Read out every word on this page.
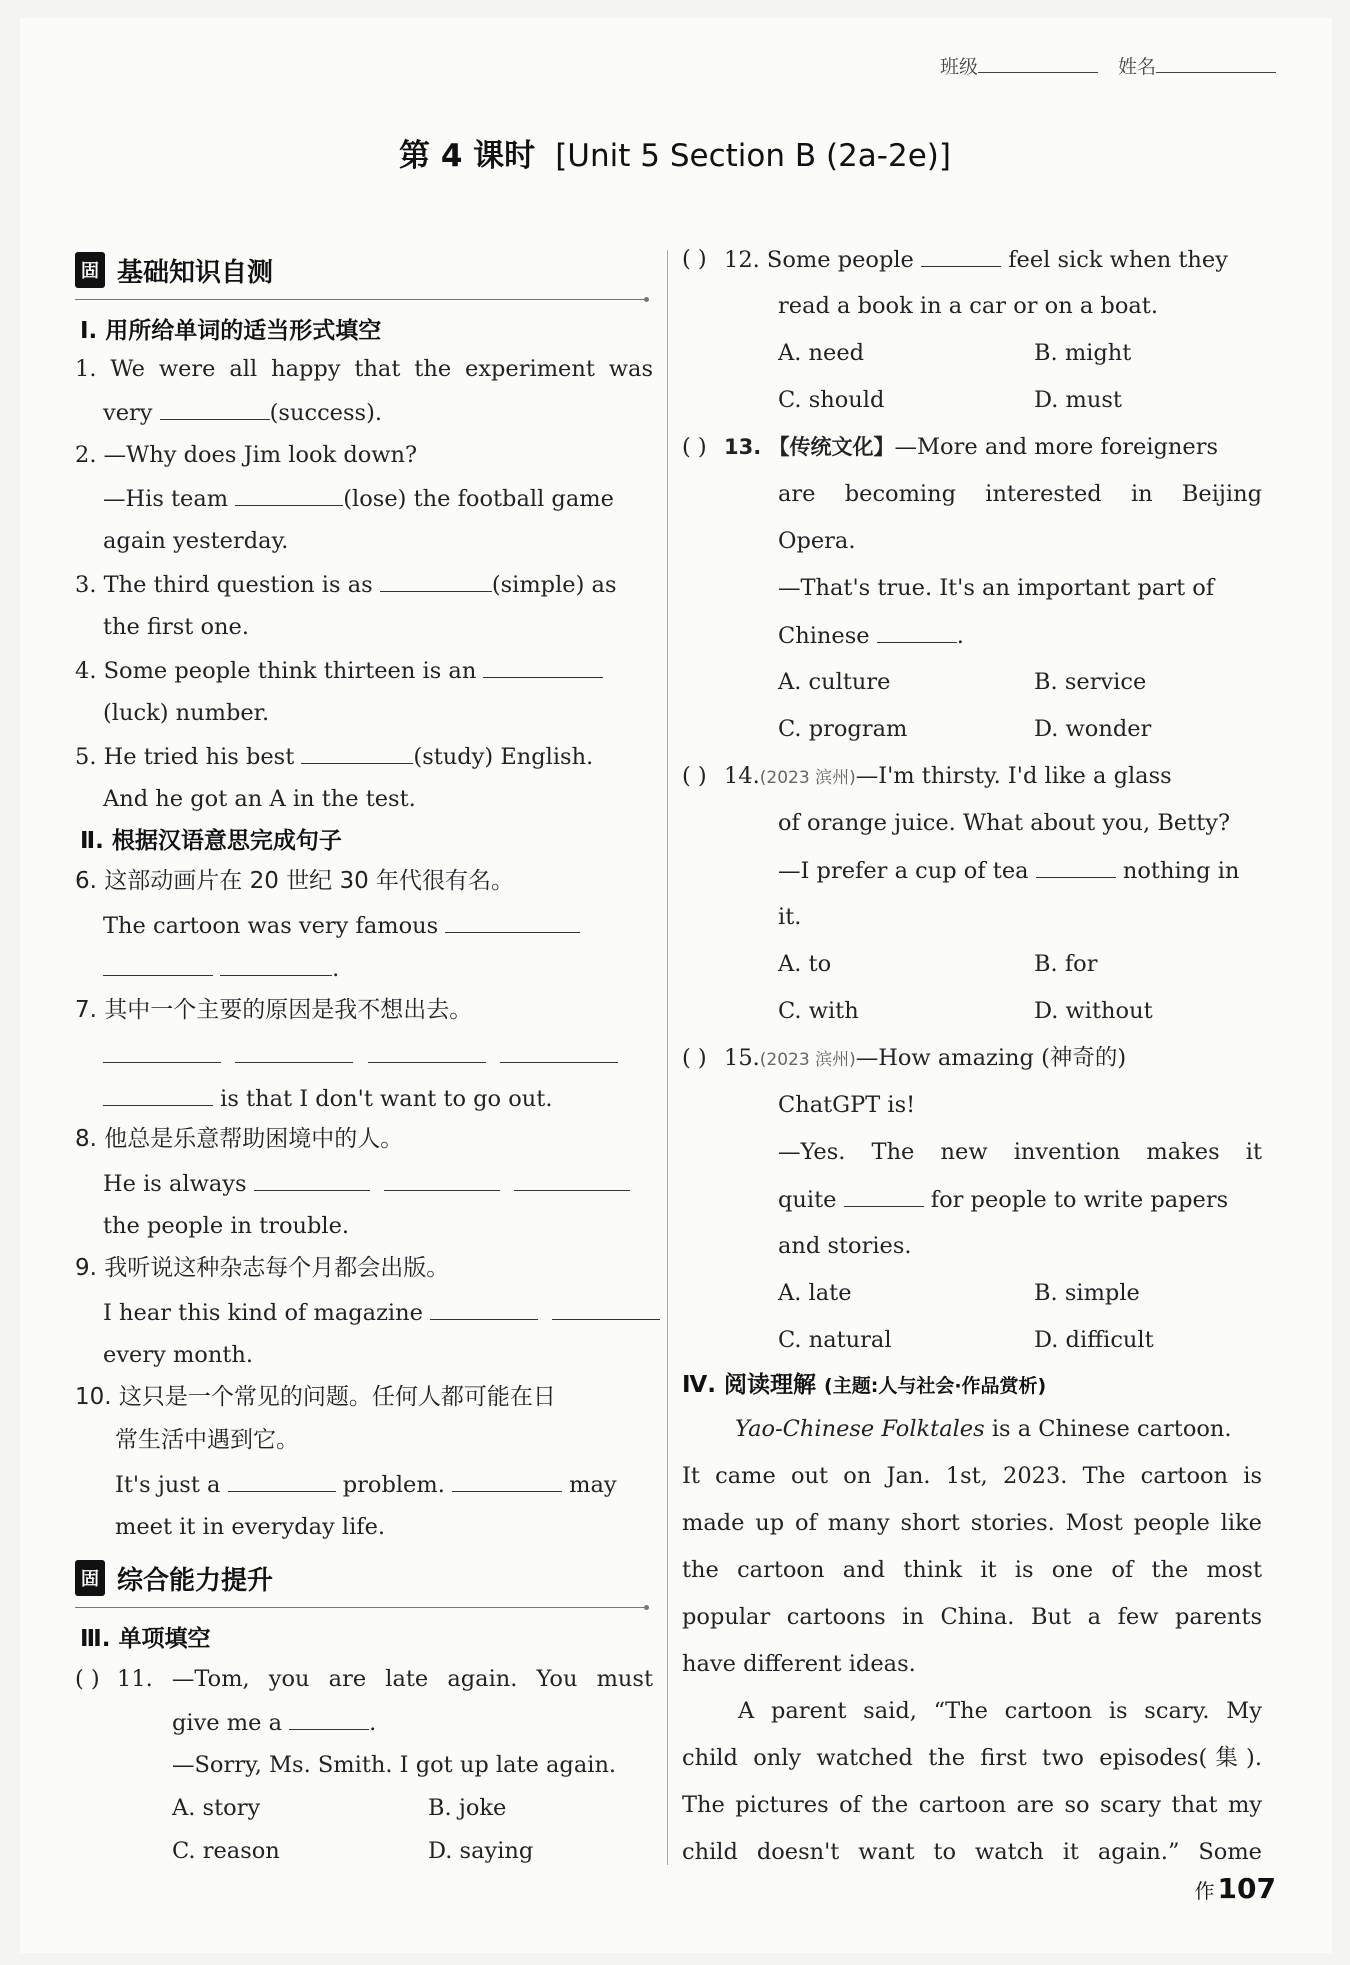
班级	姓名
第 4 课时 [Unit 5 Section B (2a-2e)]
固 基础知识自测
Ⅰ. 用所给单词的适当形式填空
1. We were all happy that the experiment was
very	(success).
2. —Why does Jim look down?
—His team	(lose) the football game
again yesterday.
3. The third question is as	(simple) as
the first one.
4. Some people think thirteen is an
(luck) number.
5. He tried his best	(study) English.
And he got an A in the test.
Ⅱ. 根据汉语意思完成句子
6. 这部动画片在 20 世纪 30 年代很有名。
The cartoon was very famous
.
7. 其中一个主要的原因是我不想出去。

is that I don't want to go out.
8. 他总是乐意帮助困境中的人。
He is always
the people in trouble.
9. 我听说这种杂志每个月都会出版。
I hear this kind of magazine
every month.
10. 这只是一个常见的问题。任何人都可能在日
常生活中遇到它。
It's just a	problem.	may
meet it in everyday life.
固 综合能力提升
Ⅲ. 单项填空
( ) 11. —Tom, you are late again. You must
give me a	.
—Sorry, Ms. Smith. I got up late again.
A. story	B. joke
C. reason	D. saying
( ) 12. Some people	feel sick when they
read a book in a car or on a boat.
A. need	B. might
C. should	D. must
( ) 13. 【传统文化】—More and more foreigners
are becoming interested in Beijing
Opera.
—That's true. It's an important part of
Chinese	.
A. culture	B. service
C. program	D. wonder
( ) 14.(2023 滨州)—I'm thirsty. I'd like a glass
of orange juice. What about you, Betty?
—I prefer a cup of tea	nothing in
it.
A. to	B. for
C. with	D. without
( ) 15.(2023 滨州)—How amazing (神奇的)
ChatGPT is!
—Yes. The new invention makes it
quite	for people to write papers
and stories.
A. late	B. simple
C. natural	D. difficult
Ⅳ. 阅读理解 (主题:人与社会·作品赏析)
Yao-Chinese Folktales is a Chinese cartoon.
It came out on Jan. 1st, 2023. The cartoon is
made up of many short stories. Most people like
the cartoon and think it is one of the most
popular cartoons in China. But a few parents
have different ideas.
A parent said, “The cartoon is scary. My
child only watched the first two episodes(集).
The pictures of the cartoon are so scary that my
child doesn't want to watch it again.” Some
作 107
